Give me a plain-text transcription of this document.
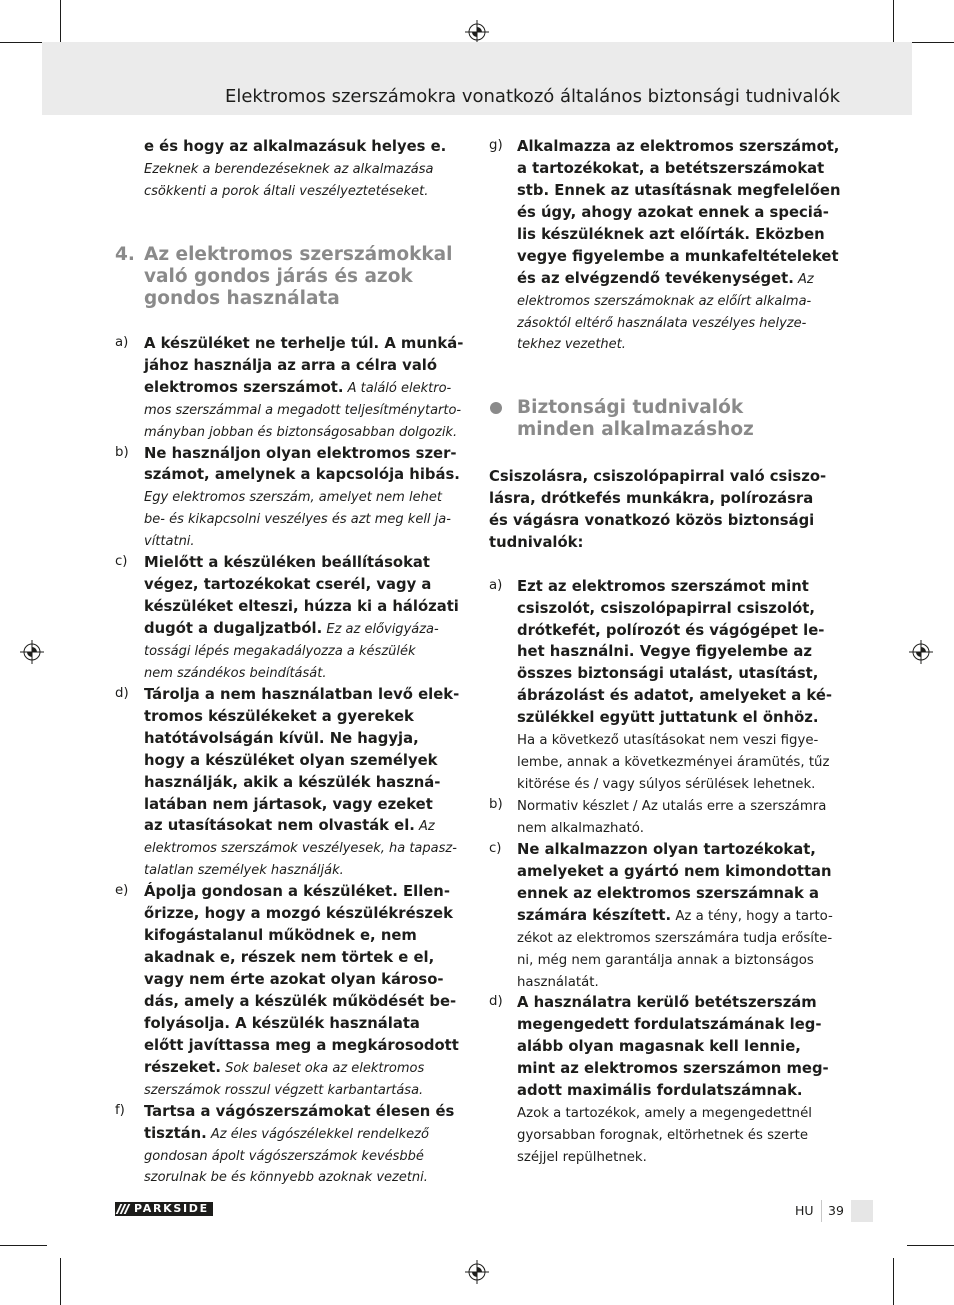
Elektromos szerszámokra vonatkozó általános biztonsági tudnivalók
e és hogy az alkalmazásuk helyes e.
Ezeknek a berendezéseknek az alkalmazása
csökkenti a porok általi veszélyeztetéseket.
4. Az elektromos szerszámokkal
való gondos járás és azok
gondos használata
a) A készüléket ne terhelje túl. A munká-
jához használja az arra a célra való
elektromos szerszámot. A találó elektro-
mos szerszámmal a megadott teljesítménytarto-
mányban jobban és biztonságosabban dolgozik.
b) Ne használjon olyan elektromos szer-
számot, amelynek a kapcsolója hibás.
Egy elektromos szerszám, amelyet nem lehet
be- és kikapcsolni veszélyes és azt meg kell ja-
víttatni.
c) Mielőtt a készüléken beállításokat
végez, tartozékokat cserél, vagy a
készüléket elteszi, húzza ki a hálózati
dugót a dugaljzatból. Ez az elővigyáza-
tossági lépés megakadályozza a készülék
nem szándékos beindítását.
d) Tárolja a nem használatban levő elek-
tromos készülékeket a gyerekek
hatótávolságán kívül. Ne hagyja,
hogy a készüléket olyan személyek
használják, akik a készülék haszná-
latában nem jártasok, vagy ezeket
az utasításokat nem olvasták el. Az
elektromos szerszámok veszélyesek, ha tapasz-
talatlan személyek használják.
e) Ápolja gondosan a készüléket. Ellen-
őrizze, hogy a mozgó készülékrészek
kifogástalanul működnek e, nem
akadnak e, részek nem törtek e el,
vagy nem érte azokat olyan károso-
dás, amely a készülék működését be-
folyásolja. A készülék használata
előtt javíttassa meg a megkárosodott
részeket. Sok baleset oka az elektromos
szerszámok rosszul végzett karbantartása.
f) Tartsa a vágószerszámokat élesen és
tisztán. Az éles vágószélekkel rendelkező
gondosan ápolt vágószerszámok kevésbbé
szorulnak be és könnyebb azoknak vezetni.
g) Alkalmazza az elektromos szerszámot,
a tartozékokat, a betétszerszámokat
stb. Ennek az utasításnak megfelelően
és úgy, ahogy azokat ennek a speciá-
lis készüléknek azt előírták. Eközben
vegye figyelembe a munkafeltételeket
és az elvégzendő tevékenységet. Az
elektromos szerszámoknak az előírt alkalma-
zásoktól eltérő használata veszélyes helyze-
tekhez vezethet.
Biztonsági tudnivalók
minden alkalmazáshoz
Csiszolásra, csiszolópapirral való csiszo-
lásra, drótkefés munkákra, polírozásra
és vágásra vonatkozó közös biztonsági
tudnivalók:
a) Ezt az elektromos szerszámot mint
csiszolót, csiszolópapirral csiszolót,
drótkefét, polírozót és vágógépet le-
het használni. Vegye figyelembe az
összes biztonsági utalást, utasítást,
ábrázolást és adatot, amelyeket a ké-
szülékkel együtt juttatunk el önhöz.
Ha a következő utasításokat nem veszi figye-
lembe, annak a következményei áramütés, tűz
kitörése és / vagy súlyos sérülések lehetnek.
b) Normativ készlet / Az utalás erre a szerszámra
nem alkalmazható.
c) Ne alkalmazzon olyan tartozékokat,
amelyeket a gyártó nem kimondottan
ennek az elektromos szerszámnak a
számára készített. Az a tény, hogy a tarto-
zékot az elektromos szerszámára tudja erősíte-
ni, még nem garantálja annak a biztonságos
használatát.
d) A használatra kerülő betétszerszám
megengedett fordulatszámának leg-
alább olyan magasnak kell lennie,
mint az elektromos szerszámon meg-
adott maximális fordulatszámnak.
Azok a tartozékok, amely a megengedettnél
gyorsabban forognak, eltörhetnek és szerte
széjjel repülhetnek.
PARKSIDE	HU 39
